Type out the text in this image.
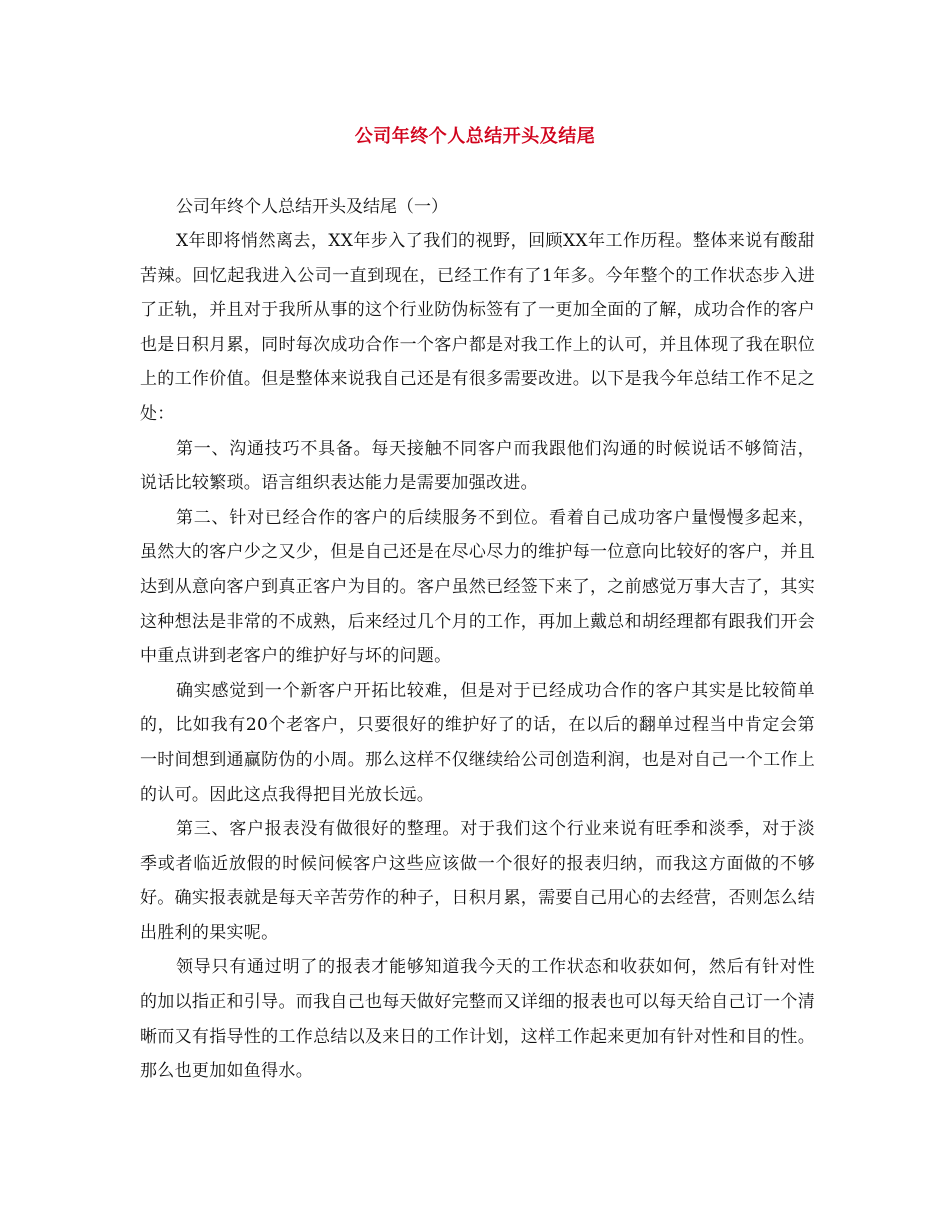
公司年终个人总结开头及结尾

公司年终个人总结开头及结尾（一）

X年即将悄然离去，XX年步入了我们的视野，回顾XX年工作历程。整体来说有酸甜苦辣。回忆起我进入公司一直到现在，已经工作有了1年多。今年整个的工作状态步入进了正轨，并且对于我所从事的这个行业防伪标签有了一更加全面的了解，成功合作的客户也是日积月累，同时每次成功合作一个客户都是对我工作上的认可，并且体现了我在职位上的工作价值。但是整体来说我自己还是有很多需要改进。以下是我今年总结工作不足之处：

第一、沟通技巧不具备。每天接触不同客户而我跟他们沟通的时候说话不够简洁，说话比较繁琐。语言组织表达能力是需要加强改进。

第二、针对已经合作的客户的后续服务不到位。看着自己成功客户量慢慢多起来，虽然大的客户少之又少，但是自己还是在尽心尽力的维护每一位意向比较好的客户，并且达到从意向客户到真正客户为目的。客户虽然已经签下来了，之前感觉万事大吉了，其实这种想法是非常的不成熟，后来经过几个月的工作，再加上戴总和胡经理都有跟我们开会中重点讲到老客户的维护好与坏的问题。

确实感觉到一个新客户开拓比较难，但是对于已经成功合作的客户其实是比较简单的，比如我有20个老客户，只要很好的维护好了的话，在以后的翻单过程当中肯定会第一时间想到通赢防伪的小周。那么这样不仅继续给公司创造利润，也是对自己一个工作上的认可。因此这点我得把目光放长远。

第三、客户报表没有做很好的整理。对于我们这个行业来说有旺季和淡季，对于淡季或者临近放假的时候问候客户这些应该做一个很好的报表归纳，而我这方面做的不够好。确实报表就是每天辛苦劳作的种子，日积月累，需要自己用心的去经营，否则怎么结出胜利的果实呢。

领导只有通过明了的报表才能够知道我今天的工作状态和收获如何，然后有针对性的加以指正和引导。而我自己也每天做好完整而又详细的报表也可以每天给自己订一个清晰而又有指导性的工作总结以及来日的工作计划，这样工作起来更加有针对性和目的性。那么也更加如鱼得水。
